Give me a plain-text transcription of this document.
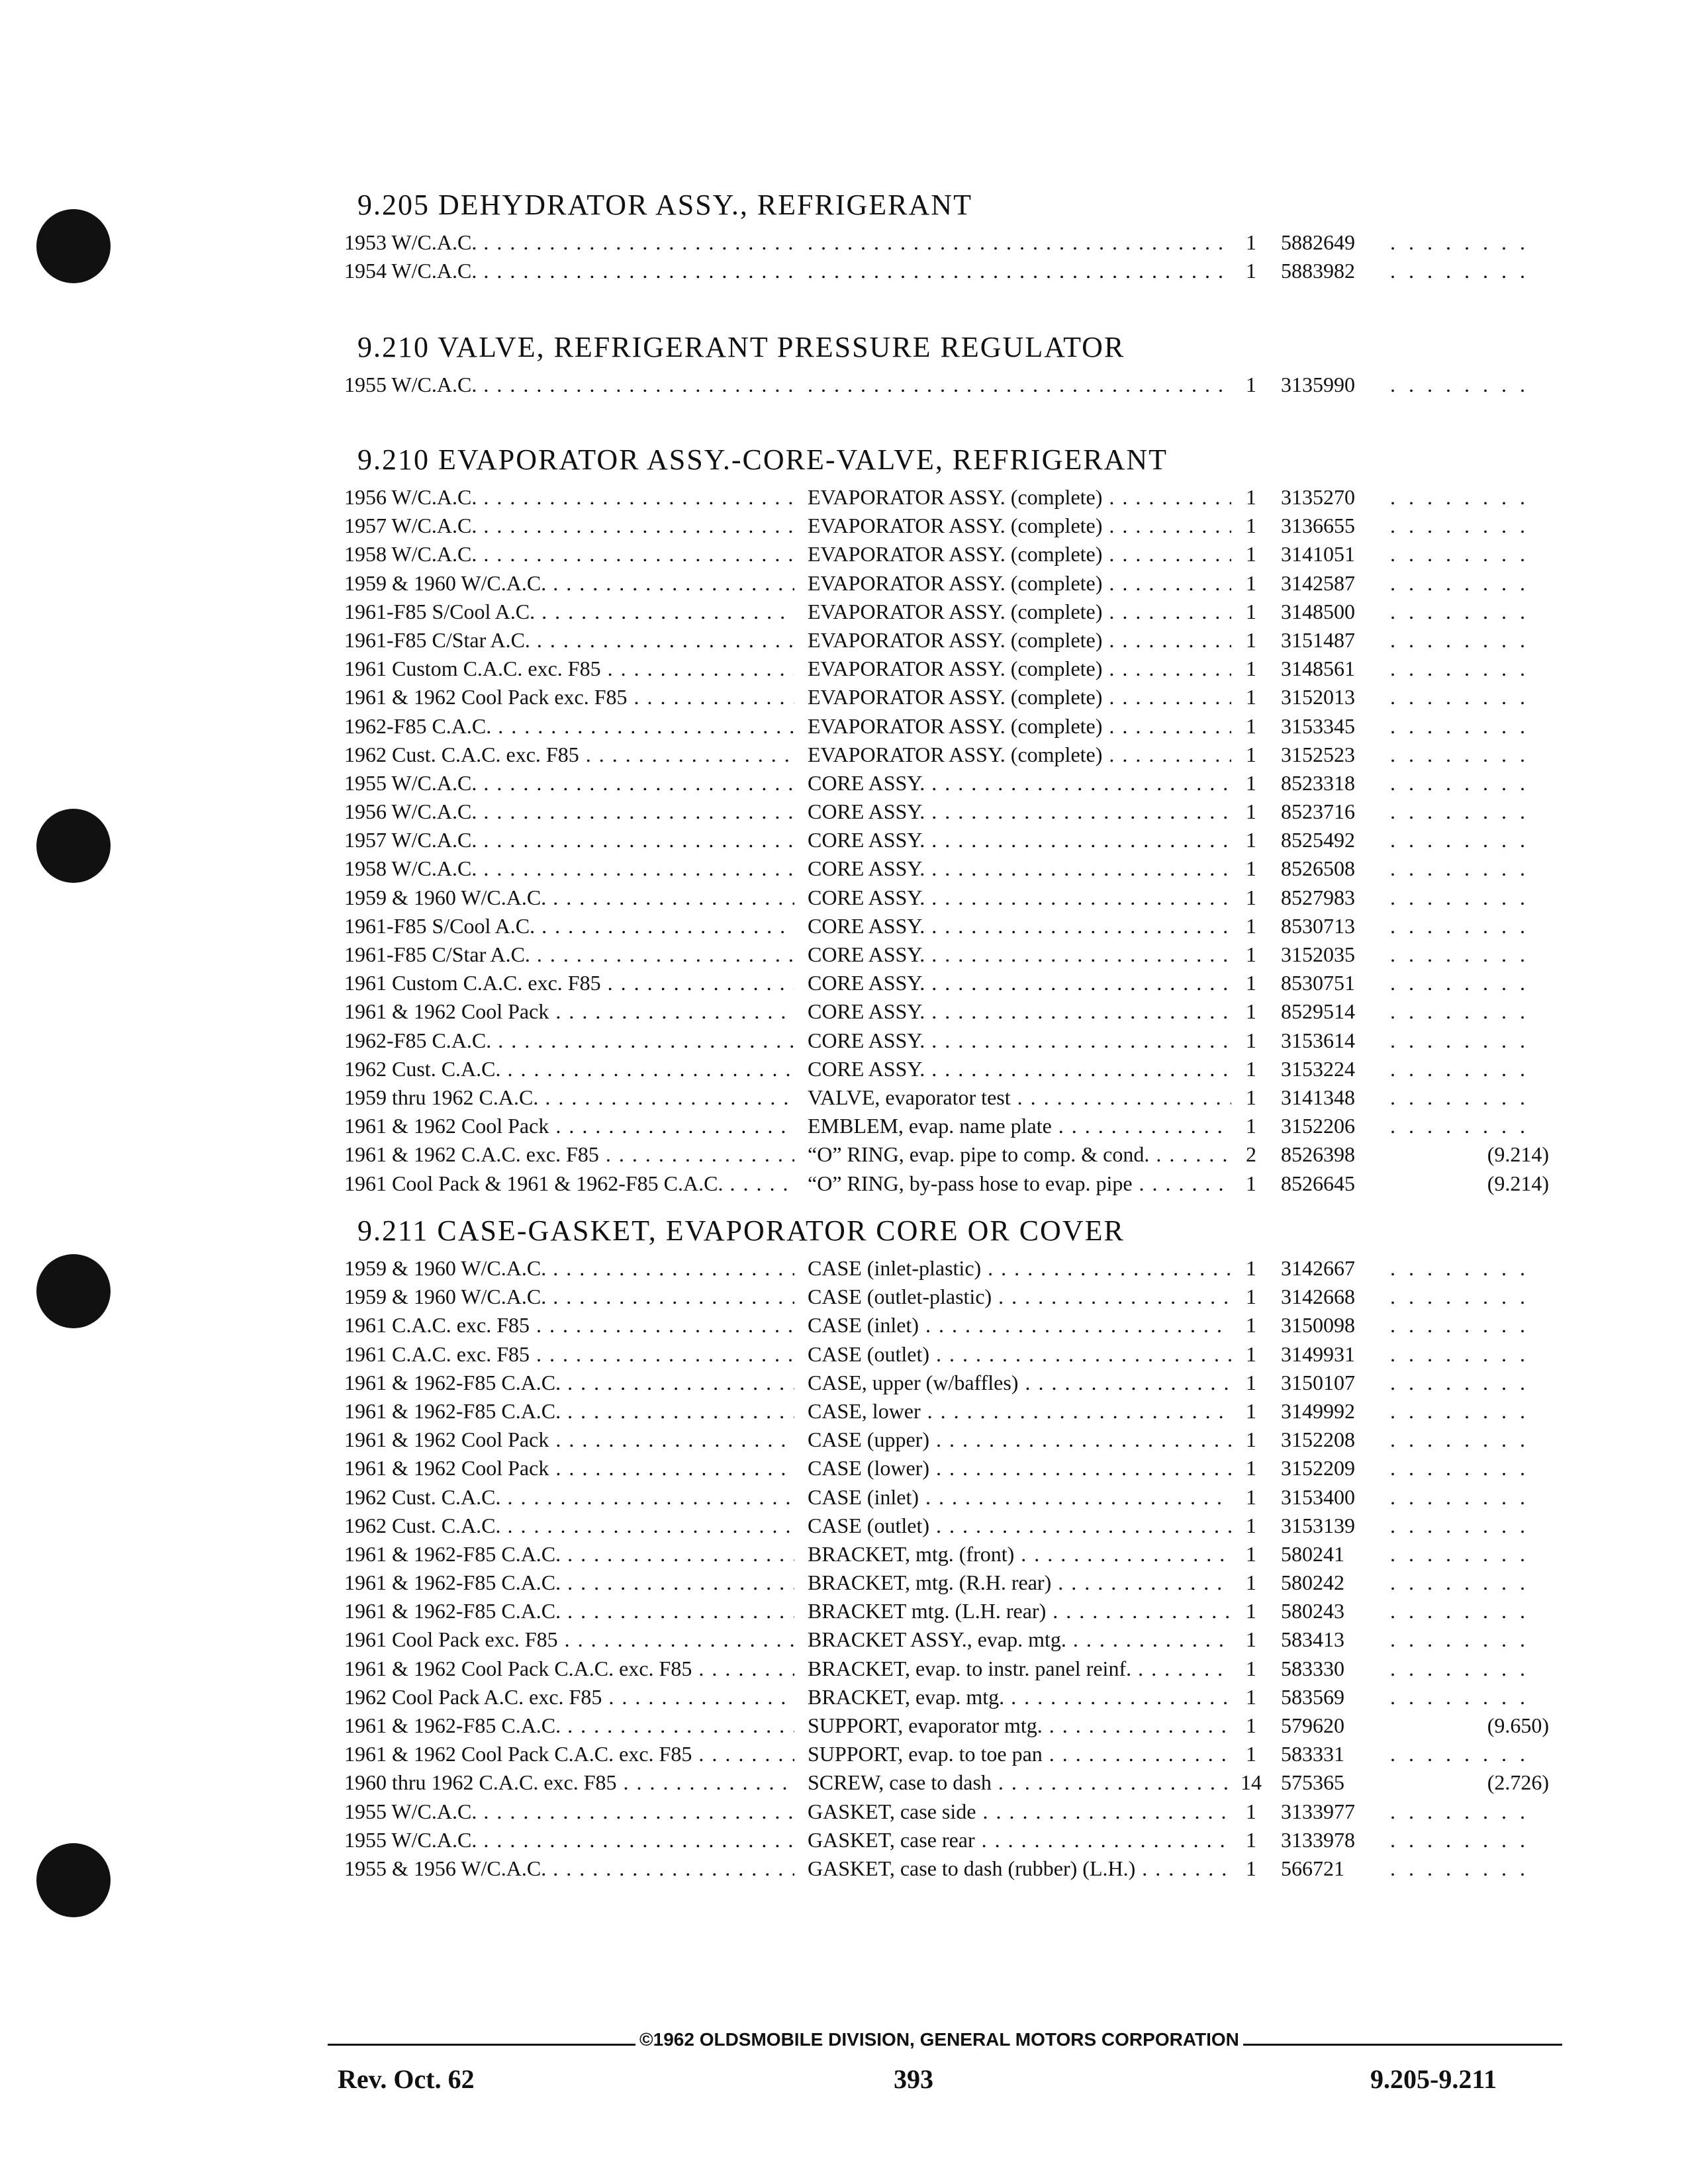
9.205 DEHYDRATOR ASSY., REFRIGERANT
1953 W/C.A.C. . . . . . .	1	5882649	. . . . . . . .
1954 W/C.A.C. . . . . . .	1	5883982	. . . . . . . .
9.210 VALVE, REFRIGERANT PRESSURE REGULATOR
1955 W/C.A.C. . . . . . .	1	3135990	. . . . . . . .
9.210 EVAPORATOR ASSY.-CORE-VALVE, REFRIGERANT
1956 W/C.A.C. . . .	EVAPORATOR ASSY. (complete) . . .	1	3135270	. . . . . . . .
1957 W/C.A.C. . . .	EVAPORATOR ASSY. (complete) . . .	1	3136655	. . . . . . . .
1958 W/C.A.C. . . .	EVAPORATOR ASSY. (complete) . . .	1	3141051	. . . . . . . .
1959 & 1960 W/C.A.C. . . .	EVAPORATOR ASSY. (complete) . . .	1	3142587	. . . . . . . .
1961-F85 S/Cool A.C. . . .	EVAPORATOR ASSY. (complete) . . .	1	3148500	. . . . . . . .
1961-F85 C/Star A.C. . . .	EVAPORATOR ASSY. (complete) . . .	1	3151487	. . . . . . . .
1961 Custom C.A.C. exc. F85 . . .	EVAPORATOR ASSY. (complete) . . .	1	3148561	. . . . . . . .
1961 & 1962 Cool Pack exc. F85 . . .	EVAPORATOR ASSY. (complete) . . .	1	3152013	. . . . . . . .
1962-F85 C.A.C. . . .	EVAPORATOR ASSY. (complete) . . .	1	3153345	. . . . . . . .
1962 Cust. C.A.C. exc. F85 . . .	EVAPORATOR ASSY. (complete) . . .	1	3152523	. . . . . . . .
1955 W/C.A.C. . . .	CORE ASSY. . . .	1	8523318	. . . . . . . .
1956 W/C.A.C. . . .	CORE ASSY. . . .	1	8523716	. . . . . . . .
1957 W/C.A.C. . . .	CORE ASSY. . . .	1	8525492	. . . . . . . .
1958 W/C.A.C. . . .	CORE ASSY. . . .	1	8526508	. . . . . . . .
1959 & 1960 W/C.A.C. . . .	CORE ASSY. . . .	1	8527983	. . . . . . . .
1961-F85 S/Cool A.C. . . .	CORE ASSY. . . .	1	8530713	. . . . . . . .
1961-F85 C/Star A.C. . . .	CORE ASSY. . . .	1	3152035	. . . . . . . .
1961 Custom C.A.C. exc. F85 . . .	CORE ASSY. . . .	1	8530751	. . . . . . . .
1961 & 1962 Cool Pack . . .	CORE ASSY. . . .	1	8529514	. . . . . . . .
1962-F85 C.A.C. . . .	CORE ASSY. . . .	1	3153614	. . . . . . . .
1962 Cust. C.A.C. . . .	CORE ASSY. . . .	1	3153224	. . . . . . . .
1959 thru 1962 C.A.C. . . .	VALVE, evaporator test . . .	1	3141348	. . . . . . . .
1961 & 1962 Cool Pack . . .	EMBLEM, evap. name plate . . .	1	3152206	. . . . . . . .
1961 & 1962 C.A.C. exc. F85 . . .	“O” RING, evap. pipe to comp. & cond. . . .	2	8526398	(9.214)
1961 Cool Pack & 1961 & 1962-F85 C.A.C. . . .	“O” RING, by-pass hose to evap. pipe . . .	1	8526645	(9.214)
9.211 CASE-GASKET, EVAPORATOR CORE OR COVER
1959 & 1960 W/C.A.C. . . .	CASE (inlet-plastic) . . .	1	3142667	. . . . . . . .
1959 & 1960 W/C.A.C. . . .	CASE (outlet-plastic) . . .	1	3142668	. . . . . . . .
1961 C.A.C. exc. F85 . . .	CASE (inlet) . . .	1	3150098	. . . . . . . .
1961 C.A.C. exc. F85 . . .	CASE (outlet) . . .	1	3149931	. . . . . . . .
1961 & 1962-F85 C.A.C. . . .	CASE, upper (w/baffles) . . .	1	3150107	. . . . . . . .
1961 & 1962-F85 C.A.C. . . .	CASE, lower . . .	1	3149992	. . . . . . . .
1961 & 1962 Cool Pack . . .	CASE (upper) . . .	1	3152208	. . . . . . . .
1961 & 1962 Cool Pack . . .	CASE (lower) . . .	1	3152209	. . . . . . . .
1962 Cust. C.A.C. . . .	CASE (inlet) . . .	1	3153400	. . . . . . . .
1962 Cust. C.A.C. . . .	CASE (outlet) . . .	1	3153139	. . . . . . . .
1961 & 1962-F85 C.A.C. . . .	BRACKET, mtg. (front) . . .	1	580241	. . . . . . . .
1961 & 1962-F85 C.A.C. . . .	BRACKET, mtg. (R.H. rear) . . .	1	580242	. . . . . . . .
1961 & 1962-F85 C.A.C. . . .	BRACKET mtg. (L.H. rear) . . .	1	580243	. . . . . . . .
1961 Cool Pack exc. F85 . . .	BRACKET ASSY., evap. mtg. . . .	1	583413	. . . . . . . .
1961 & 1962 Cool Pack C.A.C. exc. F85 . . .	BRACKET, evap. to instr. panel reinf. . . .	1	583330	. . . . . . . .
1962 Cool Pack A.C. exc. F85 . . .	BRACKET, evap. mtg. . . .	1	583569	. . . . . . . .
1961 & 1962-F85 C.A.C. . . .	SUPPORT, evaporator mtg. . . .	1	579620	(9.650)
1961 & 1962 Cool Pack C.A.C. exc. F85 . . .	SUPPORT, evap. to toe pan . . .	1	583331	. . . . . . . .
1960 thru 1962 C.A.C. exc. F85 . . .	SCREW, case to dash . . .	14 575365	(2.726)
1955 W/C.A.C. . . .	GASKET, case side . . .	1	3133977	. . . . . . . .
1955 W/C.A.C. . . .	GASKET, case rear . . .	1	3133978	. . . . . . . .
1955 & 1956 W/C.A.C. . . .	GASKET, case to dash (rubber) (L.H.) . . .	1	566721	. . . . . . . .
©1962 OLDSMOBILE DIVISION, GENERAL MOTORS CORPORATION
Rev. Oct. 62	393	9.205-9.211
